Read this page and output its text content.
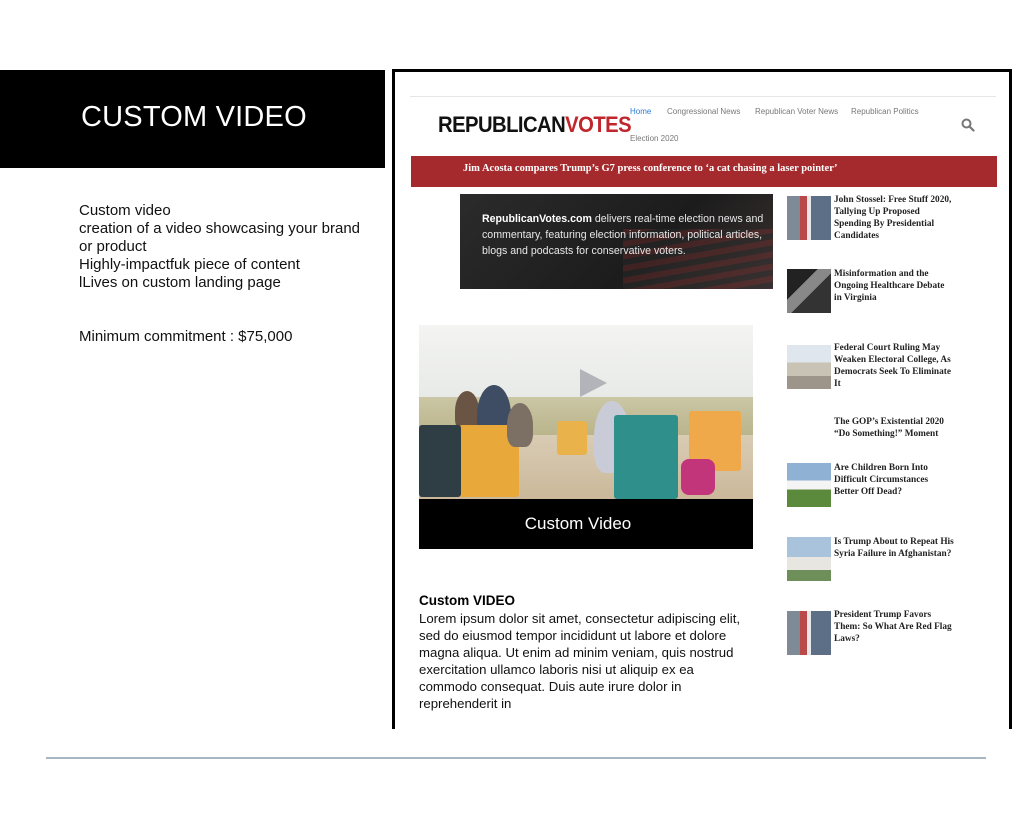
CUSTOM VIDEO
Custom video
creation of a video showcasing your brand or product
Highly-impactfuk piece of content
lLives on custom landing page
Minimum commitment : $75,000
REPUBLICANVOTES
Home Congressional News Republican Voter News Republican Politics
Election 2020
Jim Acosta compares Trump’s G7 press conference to ‘a cat chasing a laser pointer’
RepublicanVotes.com delivers real-time election news and commentary, featuring election information, political articles, blogs and podcasts for conservative voters.
Custom Video
Custom VIDEO
Lorem ipsum dolor sit amet, consectetur adipiscing elit,
sed do eiusmod tempor incididunt ut labore et dolore
magna aliqua. Ut enim ad minim veniam, quis nostrud
exercitation ullamco laboris nisi ut aliquip ex ea
commodo consequat. Duis aute irure dolor in
reprehenderit in
John Stossel: Free Stuff 2020, Tallying Up Proposed Spending By Presidential Candidates
Misinformation and the Ongoing Healthcare Debate in Virginia
Federal Court Ruling May Weaken Electoral College, As Democrats Seek To Eliminate It
The GOP’s Existential 2020 “Do Something!” Moment
Are Children Born Into Difficult Circumstances Better Off Dead?
Is Trump About to Repeat His Syria Failure in Afghanistan?
President Trump Favors Them: So What Are Red Flag Laws?
